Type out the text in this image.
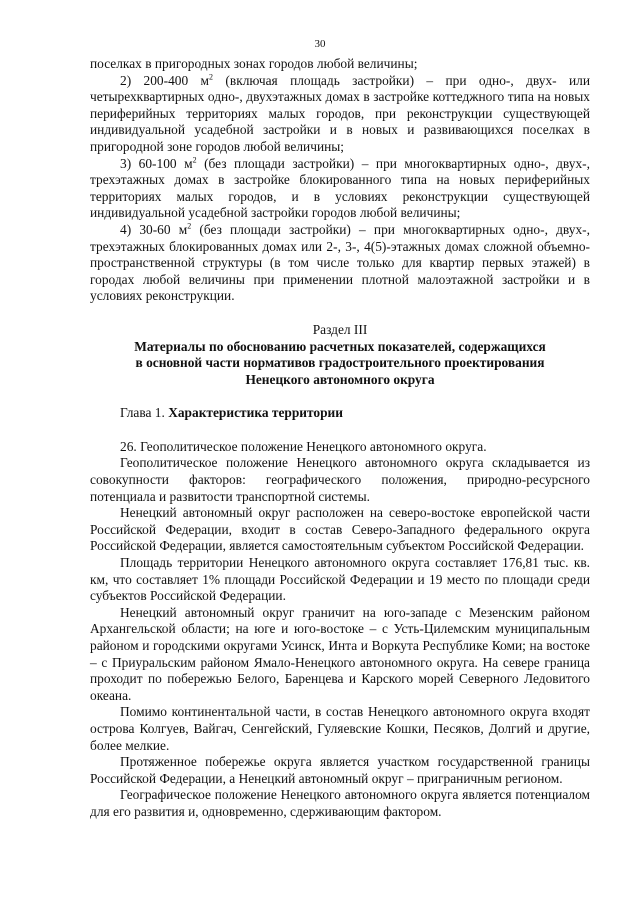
30

поселках в пригородных зонах городов любой величины;

2) 200-400 $м^2$ (включая площадь застройки) – при одно-, двух- или четырехквартирных одно-, двухэтажных домах в застройке коттеджного типа на новых периферийных территориях малых городов, при реконструкции существующей индивидуальной усадебной застройки и в новых и развивающихся поселках в пригородной зоне городов любой величины;

3) 60-100 $м^2$ (без площади застройки) – при многоквартирных одно-, двух-, трехэтажных домах в застройке блокированного типа на новых периферийных территориях малых городов, и в условиях реконструкции существующей индивидуальной усадебной застройки городов любой величины;

4) 30-60 $м^2$ (без площади застройки) – при многоквартирных одно-, двух-, трехэтажных блокированных домах или 2-, 3-, 4(5)-этажных домах сложной объемно-пространственной структуры (в том числе только для квартир первых этажей) в городах любой величины при применении плотной малоэтажной застройки и в условиях реконструкции.

Раздел III

Материалы по обоснованию расчетных показателей, содержащихся в основной части нормативов градостроительного проектирования Ненецкого автономного округа

Глава 1. Характеристика территории

26. Геополитическое положение Ненецкого автономного округа.

Геополитическое положение Ненецкого автономного округа складывается из совокупности факторов: географического положения, природно-ресурсного потенциала и развитости транспортной системы.

Ненецкий автономный округ расположен на северо-востоке европейской части Российской Федерации, входит в состав Северо-Западного федерального округа Российской Федерации, является самостоятельным субъектом Российской Федерации.

Площадь территории Ненецкого автономного округа составляет 176,81 тыс. кв. км, что составляет 1% площади Российской Федерации и 19 место по площади среди субъектов Российской Федерации.

Ненецкий автономный округ граничит на юго-западе с Мезенским районом Архангельской области; на юге и юго-востоке – с Усть-Цилемским муниципальным районом и городскими округами Усинск, Инта и Воркута Республике Коми; на востоке – с Приуральским районом Ямало-Ненецкого автономного округа. На севере граница проходит по побережью Белого, Баренцева и Карского морей Северного Ледовитого океана.

Помимо континентальной части, в состав Ненецкого автономного округа входят острова Колгуев, Вайгач, Сенгейский, Гуляевские Кошки, Песяков, Долгий и другие, более мелкие.

Протяженное побережье округа является участком государственной границы Российской Федерации, а Ненецкий автономный округ – приграничным регионом.

Географическое положение Ненецкого автономного округа является потенциалом для его развития и, одновременно, сдерживающим фактором.
